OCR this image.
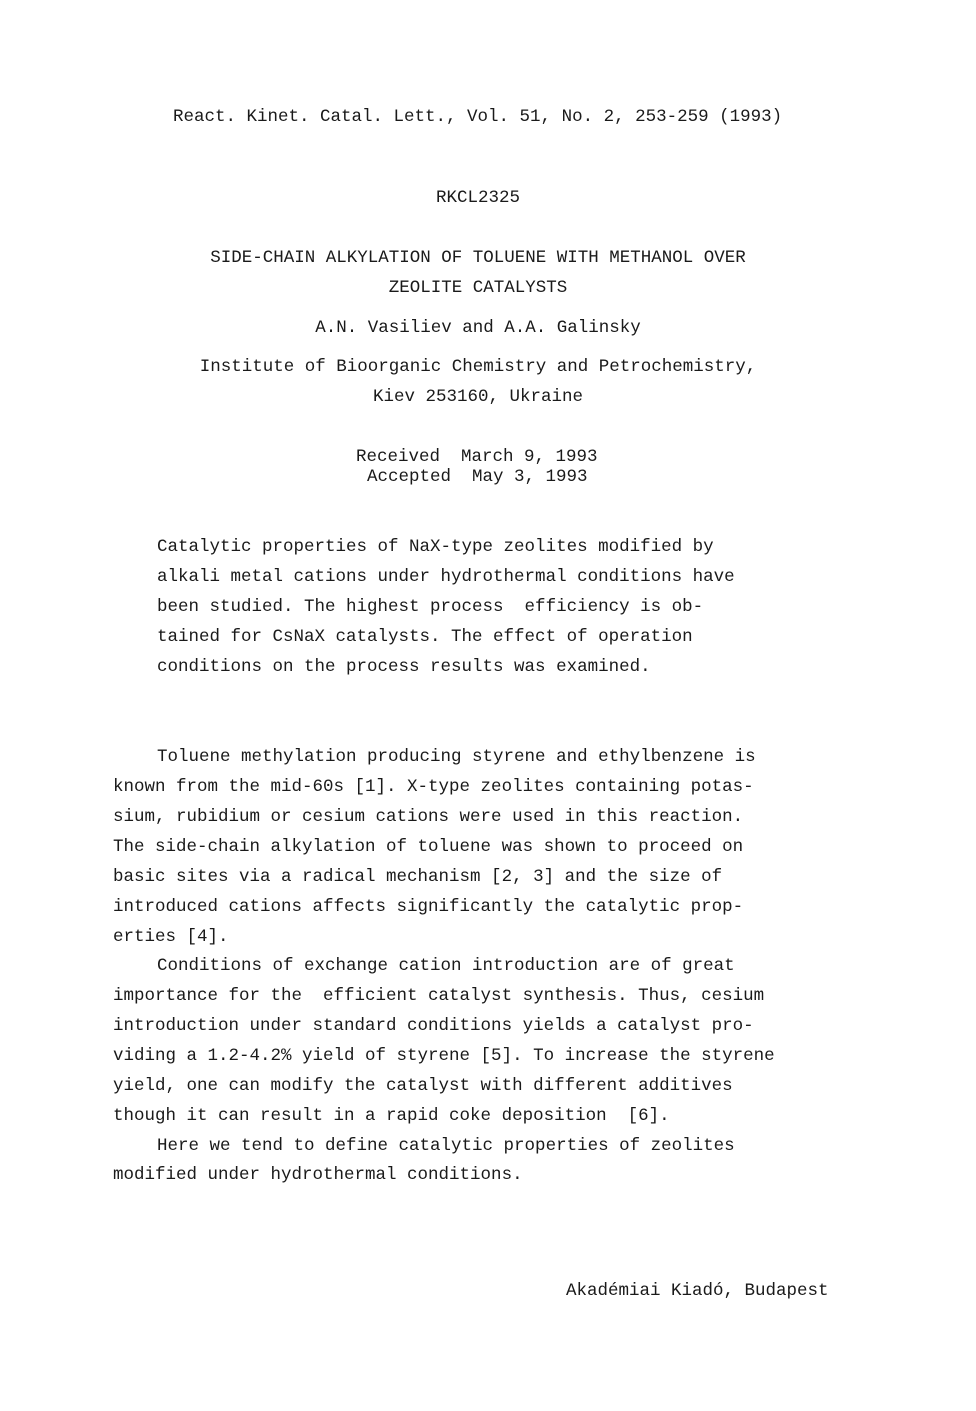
React. Kinet. Catal. Lett., Vol. 51, No. 2, 253-259 (1993)
RKCL2325
SIDE-CHAIN ALKYLATION OF TOLUENE WITH METHANOL OVER
ZEOLITE CATALYSTS
A.N. Vasiliev and A.A. Galinsky
Institute of Bioorganic Chemistry and Petrochemistry,
Kiev 253160, Ukraine
Received  March 9, 1993
Accepted  May 3, 1993
Catalytic properties of NaX-type zeolites modified by
alkali metal cations under hydrothermal conditions have
been studied. The highest process  efficiency is ob-
tained for CsNaX catalysts. The effect of operation
conditions on the process results was examined.
Toluene methylation producing styrene and ethylbenzene is
known from the mid-60s [1]. X-type zeolites containing potas-
sium, rubidium or cesium cations were used in this reaction.
The side-chain alkylation of toluene was shown to proceed on
basic sites via a radical mechanism [2, 3] and the size of
introduced cations affects significantly the catalytic prop-
erties [4].
Conditions of exchange cation introduction are of great
importance for the  efficient catalyst synthesis. Thus, cesium
introduction under standard conditions yields a catalyst pro-
viding a 1.2-4.2% yield of styrene [5]. To increase the styrene
yield, one can modify the catalyst with different additives
though it can result in a rapid coke deposition  [6].
Here we tend to define catalytic properties of zeolites
modified under hydrothermal conditions.
Akadémiai Kiadó, Budapest
